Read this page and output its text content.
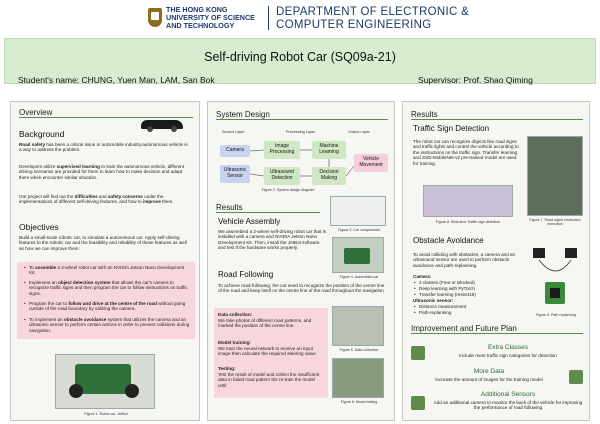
THE HONG KONG
UNIVERSITY OF SCIENCE
AND TECHNOLOGY
DEPARTMENT OF ELECTRONIC &
COMPUTER ENGINEERING
Self-driving Robot Car (SQ09a-21)
Student's name: CHUNG, Yuen Man, LAM, San Bok	Supervisor: Prof. Shao Qiming
Overview
Background
Road safety has been a critical issue in automobile industry.autonomous vehicle is a way to address the problem.
Developers utilize supervised learning to train the autonomous vehicle, different driving scenarios are provided for them to learn how to make decision and adapt them when encounter similar situation.
Our project will find out the difficulties and safety concerns under the implementations of different self-driving features, and how to improve them.
Objectives
Build a small-scale robotic car, to simulate a autonomous car. Apply self-driving features to the robotic car and the feasibility and reliability of these features as well as how we can improve them:
• To assemble a 2-wheel robot car with an NVIDIA Jetson Nano Development Kit.
• Implement an object detection system that allows the car's camera to recognize traffic signs and then program the car to follow instructions on traffic signs.
• Program the car to follow and drive at the centre of the road without going outside of the road boundary by utilizing the camera.
• To implement an obstacle avoidance system that utilizes the camera and an ultrasonic sensor to perform certain actions in order to prevent collisions during navigation.
Figure 1. Robot car- JetBot
System Design
Sensor Layer	Processing Layer	Output Layer
Camera
Ultrasonic Sensor
Image Processing
Machine Learning
Ultrasound Detection
Decision Making
Vehicle Movement
Figure 2. System design diagram
Results
Figure 3. Car components
Vehicle Assembly
We assembled a 2-wheel self-driving robot car that is installed with a camera and NVIDIA Jetson Nano Development Kit. Then, install the JetBot software and test if the hardware works properly.
Figure 4. Assembled car
Road Following
To achieve road-following, the car need to recognize the position of the centre line of the road and keep itself on the centre line of the road throughout the navigation
Data collection:
We take photos of different road patterns, and marked the position of the centre line.
Model training:
We train the neural network to receive an input image then calculate the required steering value
Testing:
Test the result of model and collect the insufficient data in failed road pattern the re-train the model until
Figure 5. Data collection
Figure 6. Model testing
Results
Traffic Sign Detection
The robot car can recognize objects like road signs and traffic lights and control the vehicle according to the instructions on the traffic sign. Transfer learning and SSD-MobileNet-v2 pre-trained model are used for training.
Figure 7. Road sign's instruction execution
Figure 8. Real-time Traffic sign detection
Obstacle Avoidance
To avoid colliding with obstacles, a camera and an ultrasound sensor are used to perform obstacle avoidance and path-replanning.
Camera:
• 2 classes (Free or Blocked)
• Deep learning with PyTorch
• Transfer learning (resnet18)
Ultrasonic sensor:
• Distance measurement
• Path-replanning	Figure 9. Path replanning
Improvement and Future Plan
Extra Classes
Include more traffic sign categories for detection
More Data
Increase the amount of images for the training model
Additional Sensors
Add an additional camera to monitor the back of the vehicle for improving the performance of road following
